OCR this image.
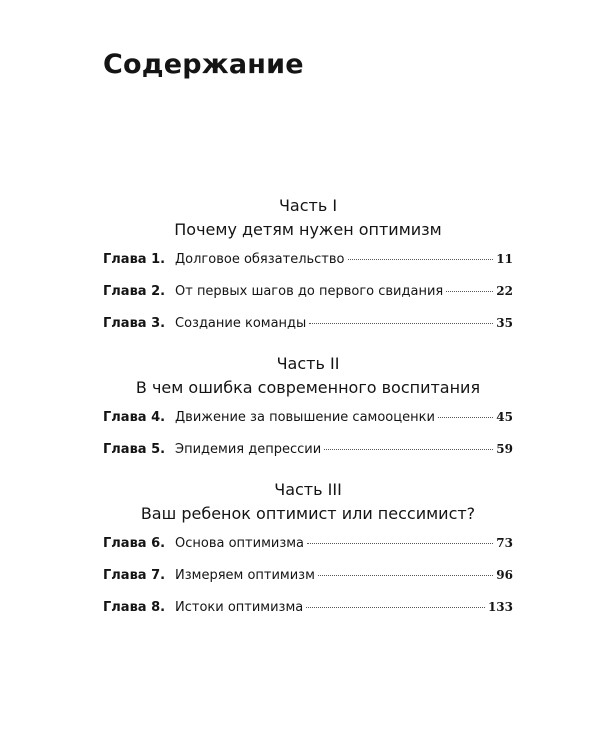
Содержание
Часть I
Почему детям нужен оптимизм
Глава 1. Долговое обязательство	11
Глава 2. От первых шагов до первого свидания	22
Глава 3. Создание команды	35
Часть II
В чем ошибка современного воспитания
Глава 4. Движение за повышение самооценки	45
Глава 5. Эпидемия депрессии	59
Часть III
Ваш ребенок оптимист или пессимист?
Глава 6. Основа оптимизма	73
Глава 7. Измеряем оптимизм	96
Глава 8. Истоки оптимизма	133
